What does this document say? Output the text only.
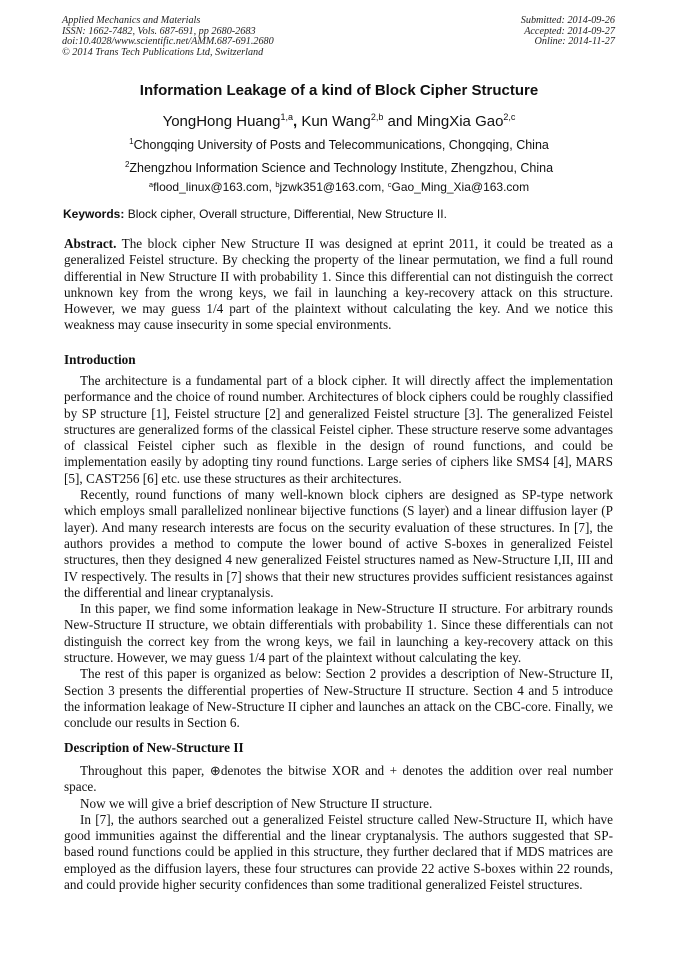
Applied Mechanics and Materials
ISSN: 1662-7482, Vols. 687-691, pp 2680-2683
doi:10.4028/www.scientific.net/AMM.687-691.2680
© 2014 Trans Tech Publications Ltd, Switzerland
Submitted: 2014-09-26
Accepted: 2014-09-27
Online: 2014-11-27
Information Leakage of a kind of Block Cipher Structure
YongHong Huang$^{1,a}$, Kun Wang$^{2,b}$ and MingXia Gao$^{2,c}$
$^1$Chongqing University of Posts and Telecommunications, Chongqing, China
$^2$Zhengzhou Information Science and Technology Institute, Zhengzhou, China
$^a$flood_linux@163.com, $^b$jzwk351@163.com, $^c$Gao_Ming_Xia@163.com
Keywords: Block cipher, Overall structure, Differential, New Structure II.
Abstract. The block cipher New Structure II was designed at eprint 2011, it could be treated as a generalized Feistel structure. By checking the property of the linear permutation, we find a full round differential in New Structure II with probability 1. Since this differential can not distinguish the correct unknown key from the wrong keys, we fail in launching a key-recovery attack on this structure. However, we may guess 1/4 part of the plaintext without calculating the key. And we notice this weakness may cause insecurity in some special environments.
Introduction

The architecture is a fundamental part of a block cipher. It will directly affect the implementation performance and the choice of round number. Architectures of block ciphers could be roughly classified by SP structure [1], Feistel structure [2] and generalized Feistel structure [3]. The generalized Feistel structures are generalized forms of the classical Feistel cipher. These structure reserve some advantages of classical Feistel cipher such as flexible in the design of round functions, and could be implementation easily by adopting tiny round functions. Large series of ciphers like SMS4 [4], MARS [5], CAST256 [6] etc. use these structures as their architectures.

Recently, round functions of many well-known block ciphers are designed as SP-type network which employs small parallelized nonlinear bijective functions (S layer) and a linear diffusion layer (P layer). And many research interests are focus on the security evaluation of these structures. In [7], the authors provides a method to compute the lower bound of active S-boxes in generalized Feistel structures, then they designed 4 new generalized Feistel structures named as New-Structure I,II, III and IV respectively. The results in [7] shows that their new structures provides sufficient resistances against the differential and linear cryptanalysis.

In this paper, we find some information leakage in New-Structure II structure. For arbitrary rounds New-Structure II structure, we obtain differentials with probability 1. Since these differentials can not distinguish the correct key from the wrong keys, we fail in launching a key-recovery attack on this structure. However, we may guess 1/4 part of the plaintext without calculating the key.

The rest of this paper is organized as below: Section 2 provides a description of New-Structure II, Section 3 presents the differential properties of New-Structure II structure. Section 4 and 5 introduce the information leakage of New-Structure II cipher and launches an attack on the CBC-core. Finally, we conclude our results in Section 6.

Description of New-Structure II

Throughout this paper, ⊕denotes the bitwise XOR and + denotes the addition over real number space.

Now we will give a brief description of New Structure II structure.

In [7], the authors searched out a generalized Feistel structure called New-Structure II, which have good immunities against the differential and the linear cryptanalysis. The authors suggested that SP-based round functions could be applied in this structure, they further declared that if MDS matrices are employed as the diffusion layers, these four structures can provide 22 active S-boxes within 22 rounds, and could provide higher security confidences than some traditional generalized Feistel structures.
